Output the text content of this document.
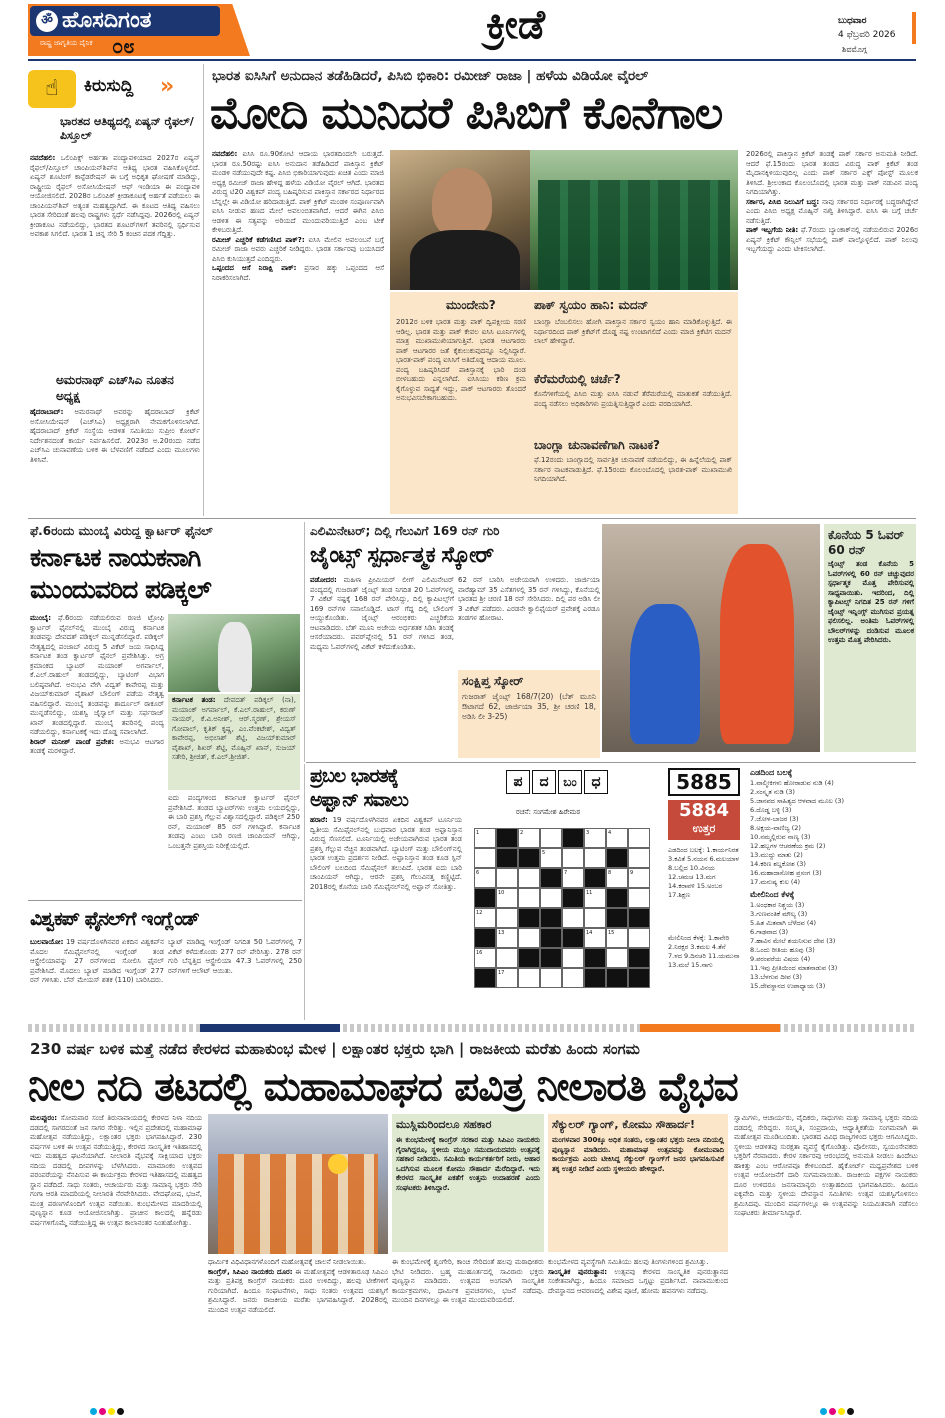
ॐ ಹೊಸದಿಗಂತ
ರಾಷ್ಟ್ರ ಜಾಗೃತಿಯ ದೈನಿಕ ೦೮	ಕ್ರೀಡೆ	ಬುಧವಾರ
4 ಫೆಬ್ರವರಿ 2026
ಶಿವಮೊಗ್ಗ
☝	ಕಿರುಸುದ್ದಿ »
ಭಾರತದ ಆತಿಥ್ಯದಲ್ಲಿ ಏಷ್ಯನ್ ರೈಫಲ್/ಪಿಸ್ತೂಲ್
ನವದೆಹಲಿ: ಒಲಿಂಪಿಕ್ಸ್ ಅರ್ಹತಾ ಪಂದ್ಯಾವಳಿಯಾದ 2027ರ ಏಷ್ಯನ್ ರೈಫಲ್/ಪಿಸ್ತೂಲ್ ಚಾಂಪಿಯನ್‌ಶಿಪ್‌ನ ಆತಿಥ್ಯ ಭಾರತ ವಹಿಸಿಕೊಳ್ಳಲಿದೆ. ಏಷ್ಯನ್ ಶೂಟಿಂಗ್ ಕಾನ್ಫೆಡರೇಷನ್ ಈ ಬಗ್ಗೆ ಅಧಿಕೃತ ಘೋಷಣೆ ಮಾಡಿದ್ದು, ರಾಷ್ಟ್ರೀಯ ರೈಫಲ್ ಅಸೋಸಿಯೇಷನ್ ಆಫ್ ಇಂಡಿಯಾ ಈ ಪಂದ್ಯಾವಳಿ ಆಯೋಜಿಸಲಿದೆ. 2028ರ ಒಲಿಂಪಿಕ್ ಕ್ರೀಡಾಕೂಟಕ್ಕೆ ಅರ್ಹತೆ ಪಡೆಯಲು ಈ ಚಾಂಪಿಯನ್‌ಶಿಪ್ ಅತ್ಯಂತ ಮಹತ್ವದ್ದಾಗಿದೆ. ಈ ಕೂಟದ ಆತಿಥ್ಯ ವಹಿಸಲು ಭಾರತ ಸೇರಿದಂತೆ ಹಲವು ರಾಷ್ಟ್ರಗಳು ಸ್ಪರ್ಧೆ ನಡೆಸಿದ್ದವು. 2026ರಲ್ಲಿ ಏಷ್ಯನ್ ಕ್ರೀಡಾಕೂಟ ನಡೆಯಲಿದ್ದು, ಭಾರತದ ಶೂಟರ್‌ಗಳಿಗೆ ತವರಿನಲ್ಲಿ ಸ್ಪರ್ಧಿಸುವ ಅವಕಾಶ ಸಿಗಲಿದೆ. ಭಾರತ 1 ಚಿನ್ನ ಸೇರಿ 5 ಕಂಚಿನ ಪದಕ ಗೆದ್ದಿತ್ತು.
ಅಮರನಾಥ್ ಎಚ್‌ಸಿಎ ನೂತನ ಅಧ್ಯಕ್ಷ
ಹೈದರಾಬಾದ್: ಅಮರನಾಥ್ ಅವರನ್ನು ಹೈದರಾಬಾದ್ ಕ್ರಿಕೆಟ್ ಅಸೋಸಿಯೇಷನ್ (ಎಚ್‌ಸಿಎ) ಅಧ್ಯಕ್ಷರಾಗಿ ನೇಮಕಗೊಳಿಸಲಾಗಿದೆ. ಹೈದರಾಬಾದ್ ಕ್ರಿಕೆಟ್ ಸಂಸ್ಥೆಯ ಆಡಳಿತ ಸಮಿತಿಯು ಸುಪ್ರೀಂ ಕೋರ್ಟ್ ನಿರ್ದೇಶನದಂತೆ ಕಾರ್ಯ ನಿರ್ವಹಿಸಲಿದೆ. 2023ರ ಅ.20ರಂದು ನಡೆದ ಎಚ್‌ಸಿಎ ಚುನಾವಣೆಯ ಬಳಿಕ ಈ ಬೆಳವಣಿಗೆ ನಡೆದಿದೆ ಎಂದು ಮೂಲಗಳು ತಿಳಿಸಿವೆ.
ಭಾರತ ಐಸಿಸಿಗೆ ಅನುದಾನ ತಡೆಹಿಡಿದರೆ, ಪಿಸಿಬಿ ಭಿಕಾರಿ: ರಮೀಜ್ ರಾಜಾ | ಹಳೆಯ ವಿಡಿಯೋ ವೈರಲ್
ಮೋದಿ ಮುನಿದರೆ ಪಿಸಿಬಿಗೆ ಕೊನೆಗಾಲ
ನವದೆಹಲಿ: ಐಸಿಸಿ ರೂ.90ಕೋಟಿ ಆದಾಯ ಭಾರತದಿಂದಲೇ ಬರುತ್ತದೆ. ಭಾರತ ರೂ.50ರಷ್ಟು ಐಸಿಸಿ ಅನುದಾನ ತಡೆಹಿಡಿದರೆ ಪಾಕಿಸ್ತಾನ ಕ್ರಿಕೆಟ್ ಮಂಡಳಿ ನಡೆಯುವುದೇ ಕಷ್ಟ. ಪಿಸಿಬಿ ಭಿಕಾರಿಯಾಗುವುದು ಖಚಿತ ಎಂದು ಮಾಜಿ ಅಧ್ಯಕ್ಷ ರಮೀಜ್ ರಾಜಾ ಹೇಳಿದ್ದ ಹಳೆಯ ವಿಡಿಯೋ ವೈರಲ್ ಆಗಿದೆ. ಭಾರತದ ವಿರುದ್ಧ ಟಿ20 ವಿಶ್ವಕಪ್ ಪಂದ್ಯ ಬಹಿಷ್ಕರಿಸುವ ಪಾಕಿಸ್ತಾನ ಸರ್ಕಾರದ ನಿರ್ಧಾರದ ಬೆನ್ನಲ್ಲೇ ಈ ವಿಡಿಯೋ ಹರಿದಾಡುತ್ತಿದೆ. ಪಾಕ್ ಕ್ರಿಕೆಟ್ ಮಂಡಳಿ ಸಂಪೂರ್ಣವಾಗಿ ಐಸಿಸಿ ನೀಡುವ ಹಣದ ಮೇಲೆ ಅವಲಂಬಿತವಾಗಿದೆ. ಆದರೆ ಈಗಿನ ಪಿಸಿಬಿ ಆಡಳಿತ ಈ ಸತ್ಯವನ್ನು ಅರಿಯದೆ ಮುಂದುವರಿಯುತ್ತಿದೆ ಎಂಬ ಟೀಕೆ ಕೇಳಿಬರುತ್ತಿದೆ.
ರಮೀಜ್ ಎಚ್ಚರಿಕೆ ಕಡೆಗಣಿಸಿದ ಪಾಕ್?: ಐಸಿಸಿ ಮೇಲಿನ ಅವಲಂಬನೆ ಬಗ್ಗೆ ರಮೀಜ್ ರಾಜಾ ಅವರು ಎಚ್ಚರಿಕೆ ನೀಡಿದ್ದರು. ಭಾರತ ಸರ್ಕಾರವು ಬಯಸಿದರೆ ಪಿಸಿಬಿ ಕುಸಿಯುತ್ತದೆ ಎಂದಿದ್ದರು.
ಒಪ್ಪಂದದ ಆಸೆ ನಿರಾಕ್ಷಿ ಪಾಕ್: ಪ್ರಸಾರ ಹಕ್ಕು ಒಪ್ಪಂದದ ಆಸೆ ನಿರಾಕರಿಸಲಾಗಿದೆ.
ಮುಂದೇನು?
2012ರ ಬಳಿಕ ಭಾರತ ಮತ್ತು ಪಾಕ್ ದ್ವಿಪಕ್ಷೀಯ ಸರಣಿ ಆಡಿಲ್ಲ. ಭಾರತ ಮತ್ತು ಪಾಕ್ ಕೇವಲ ಐಸಿಸಿ ಟೂರ್ನಿಗಳಲ್ಲಿ ಮಾತ್ರ ಮುಖಾಮುಖಿಯಾಗುತ್ತಿವೆ. ಭಾರತ ಆಟಗಾರರು ಪಾಕ್ ಆಟಗಾರರ ಜತೆ ಕೈಕುಲುಕುವುದನ್ನೂ ನಿಲ್ಲಿಸಿದ್ದಾರೆ. ಭಾರತ-ಪಾಕ್ ಪಂದ್ಯ ಐಸಿಸಿಗೆ ಅತಿದೊಡ್ಡ ಆದಾಯ ಮೂಲ. ಪಂದ್ಯ ಬಹಿಷ್ಕರಿಸಿದರೆ ಪಾಕಿಸ್ತಾನಕ್ಕೆ ಭಾರಿ ದಂಡ ಬೀಳಬಹುದು ಎನ್ನಲಾಗಿದೆ. ಐಸಿಸಿಯು ಕಠಿಣ ಕ್ರಮ ಕೈಗೊಳ್ಳುವ ಸಾಧ್ಯತೆ ಇದ್ದು, ಪಾಕ್ ಆಟಗಾರರು ತೊಂದರೆ ಅನುಭವಿಸಬೇಕಾಗಬಹುದು.
ಪಾಕ್ ಸ್ವಯಂ ಹಾನಿ: ಮದನ್
ಬಾಂಗ್ಲಾ ಬೆಂಬಲಿಸಲು ಹೋಗಿ ಪಾಕಿಸ್ತಾನ ಸರ್ಕಾರ ಸ್ವಯಂ ಹಾನಿ ಮಾಡಿಕೊಳ್ಳುತ್ತಿದೆ. ಈ ನಿರ್ಧಾರದಿಂದ ಪಾಕ್ ಕ್ರಿಕೆಟ್‌ಗೆ ದೊಡ್ಡ ನಷ್ಟ ಉಂಟಾಗಲಿದೆ ಎಂದು ಮಾಜಿ ಕ್ರಿಕೆಟಿಗ ಮದನ್ ಲಾಲ್ ಹೇಳಿದ್ದಾರೆ.
ಕೆರೆಮರೆಯಲ್ಲಿ ಚರ್ಚೆ?
ಕೊನೆಗಳಿಗೆಯಲ್ಲಿ ಪಿಸಿಬಿ ಮತ್ತು ಐಸಿಸಿ ನಡುವೆ ತೆರೆಮರೆಯಲ್ಲಿ ಮಾತುಕತೆ ನಡೆಯುತ್ತಿದೆ. ಪಂದ್ಯ ನಡೆಸಲು ಅಧಿಕಾರಿಗಳು ಪ್ರಯತ್ನಿಸುತ್ತಿದ್ದಾರೆ ಎಂದು ವರದಿಯಾಗಿದೆ.
ಬಾಂಗ್ಲಾ ಚುನಾವಣೆಗಾಗಿ ನಾಟಕ?
ಫೆ.12ರಂದು ಬಾಂಗ್ಲಾದಲ್ಲಿ ಸಾರ್ವತ್ರಿಕ ಚುನಾವಣೆ ನಡೆಯಲಿದ್ದು, ಈ ಹಿನ್ನೆಲೆಯಲ್ಲಿ ಪಾಕ್ ಸರ್ಕಾರ ನಾಟಕವಾಡುತ್ತಿದೆ. ಫೆ.15ರಂದು ಕೊಲಂಬೊದಲ್ಲಿ ಭಾರತ-ಪಾಕ್ ಮುಖಾಮುಖಿ ನಿಗದಿಯಾಗಿದೆ.
2026ರಲ್ಲಿ ಪಾಕಿಸ್ತಾನ ಕ್ರಿಕೆಟ್ ತಂಡಕ್ಕೆ ಪಾಕ್ ಸರ್ಕಾರ ಅನುಮತಿ ನೀಡಿದೆ. ಆದರೆ ಫೆ.15ರಂದು ಭಾರತ ತಂಡದ ವಿರುದ್ಧ ಪಾಕ್ ಕ್ರಿಕೆಟ್ ತಂಡ ಮೈದಾನಕ್ಕಿಳಿಯುವುದಿಲ್ಲ ಎಂದು ಪಾಕ್ ಸರ್ಕಾರ ಎಕ್ಸ್ ಪೋಸ್ಟ್ ಮೂಲಕ ತಿಳಿಸಿದೆ. ಶ್ರೀಲಂಕಾದ ಕೊಲಂಬೊದಲ್ಲಿ ಭಾರತ ಮತ್ತು ಪಾಕ್ ನಡುವಿನ ಪಂದ್ಯ ನಿಗದಿಯಾಗಿತ್ತು.
ಸರ್ಕಾರ, ಪಿಸಿಬಿ ನಿಲುವಿಗೆ ಬದ್ಧ: ನಾವು ಸರ್ಕಾರದ ನಿರ್ಧಾರಕ್ಕೆ ಬದ್ಧರಾಗಿದ್ದೇವೆ ಎಂದು ಪಿಸಿಬಿ ಅಧ್ಯಕ್ಷ ಮೊಹ್ಸಿನ್ ನಖ್ವಿ ತಿಳಿಸಿದ್ದಾರೆ. ಐಸಿಸಿ ಈ ಬಗ್ಗೆ ಚರ್ಚೆ ನಡೆಸುತ್ತಿದೆ.
ಪಾಕ್ ಇಬ್ಬಗೆಯ ನೀತಿ: ಫೆ.7ರಂದು ಬ್ಯಾಂಕಾಕ್‌ನಲ್ಲಿ ನಡೆಯಲಿರುವ 2026ರ ಏಷ್ಯನ್ ಕ್ರಿಕೆಟ್ ಕೌನ್ಸಿಲ್ ಸಭೆಯಲ್ಲಿ ಪಾಕ್ ಪಾಲ್ಗೊಳ್ಳಲಿದೆ. ಪಾಕ್ ನಿಲುವು ಇಬ್ಬಗೆಯದ್ದು ಎಂದು ಟೀಕಿಸಲಾಗಿದೆ.
ಫೆ.6ರಂದು ಮುಂಬೈ ವಿರುದ್ಧ ಕ್ವಾರ್ಟರ್ ಫೈನಲ್
ಕರ್ನಾಟಕ ನಾಯಕನಾಗಿ
ಮುಂದುವರಿದ ಪಡಿಕ್ಕಲ್
ಮುಂಬೈ: ಫೆ.6ರಂದು ನಡೆಯಲಿರುವ ರಣಜಿ ಟ್ರೋಫಿ ಕ್ವಾರ್ಟರ್ ಫೈನಲ್‌ನಲ್ಲಿ ಮುಂಬೈ ವಿರುದ್ಧ ಕರ್ನಾಟಕ ತಂಡವನ್ನು ದೇವದತ್ ಪಡಿಕ್ಕಲ್ ಮುನ್ನಡೆಸಲಿದ್ದಾರೆ. ಪಡಿಕ್ಕಲ್ ನೇತೃತ್ವದಲ್ಲಿ ಪಂಜಾಬ್ ವಿರುದ್ಧ 5 ವಿಕೆಟ್ ಜಯ ಸಾಧಿಸಿದ್ದ ಕರ್ನಾಟಕ ತಂಡ ಕ್ವಾರ್ಟರ್ ಫೈನಲ್ ಪ್ರವೇಶಿಸಿತ್ತು. ಅಗ್ರ ಕ್ರಮಾಂಕದ ಬ್ಯಾಟರ್ ಮಯಾಂಕ್ ಅಗರ್ವಾಲ್, ಕೆ.ಎಲ್.ರಾಹುಲ್ ತಂಡದಲ್ಲಿದ್ದು, ಬ್ಯಾಟಿಂಗ್ ವಿಭಾಗ ಬಲಿಷ್ಠವಾಗಿದೆ. ಅನುಭವಿ ವೇಗಿ ವಿದ್ವತ್ ಕಾವೇರಪ್ಪ ಮತ್ತು ವಿಜಯ್‌ಕುಮಾರ್ ವೈಶಾಖ್ ಬೌಲಿಂಗ್ ಪಡೆಯ ನೇತೃತ್ವ ವಹಿಸಲಿದ್ದಾರೆ. ಮುಂಬೈ ತಂಡವನ್ನು ಶಾರ್ದೂಲ್ ಠಾಕೂರ್ ಮುನ್ನಡೆಸಲಿದ್ದು, ಯಶಸ್ವಿ ಜೈಸ್ವಾಲ್ ಮತ್ತು ಸರ್ಫರಾಜ್ ಖಾನ್ ತಂಡದಲ್ಲಿದ್ದಾರೆ. ಮುಂಬೈ ತವರಿನಲ್ಲಿ ಪಂದ್ಯ ನಡೆಯಲಿದ್ದು, ಕರ್ನಾಟಕಕ್ಕೆ ಇದು ದೊಡ್ಡ ಸವಾಲಾಗಿದೆ.
ಶಿರಾರ್ ಮನೀಶ್ ಪಾಂಡೆ ಪ್ರವೇಶ: ಅನುಭವಿ ಆಟಗಾರ ತಂಡಕ್ಕೆ ಮರಳಿದ್ದಾರೆ.
ಕರ್ನಾಟಕ ತಂಡ: ದೇವದತ್ ಪಡಿಕ್ಕಲ್ (ನಾ), ಮಯಾಂಕ್ ಅಗರ್ವಾಲ್, ಕೆ.ಎಲ್.ರಾಹುಲ್, ಕರುಣ್ ನಾಯರ್, ಕೆ.ವಿ.ಅನೀಶ್, ಆರ್.ಸ್ಮರಣ್, ಶ್ರೇಯಸ್ ಗೋಪಾಲ್, ಕೃತಿಕ್ ಕೃಷ್ಣ, ಎಂ.ವೆಂಕಟೇಶ್, ವಿದ್ವತ್ ಕಾವೇರಪ್ಪ, ಅಭಿಲಾಶ್ ಶೆಟ್ಟಿ, ವಿಜಯ್‌ಕುಮಾರ್ ವೈಶಾಖ್, ಶಿಖರ್ ಶೆಟ್ಟಿ, ಮೊಹ್ಸಿನ್ ಖಾನ್, ಸುಜಯ್ ಸತೇರಿ, ಶ್ರೀಜಿತ್, ಕೆ.ಎಲ್.ಶ್ರೀಜಿತ್.
ಐದು ಪಂದ್ಯಗಳಿಂದ ಕರ್ನಾಟಕ ಕ್ವಾರ್ಟರ್ ಫೈನಲ್ ಪ್ರವೇಶಿಸಿದೆ. ತಂಡದ ಬ್ಯಾಟರ್‌ಗಳು ಉತ್ತಮ ಲಯದಲ್ಲಿದ್ದು, ಈ ಬಾರಿ ಪ್ರಶಸ್ತಿ ಗೆಲ್ಲುವ ವಿಶ್ವಾಸದಲ್ಲಿದ್ದಾರೆ. ಪಡಿಕ್ಕಲ್ 250 ರನ್, ಮಯಾಂಕ್ 85 ರನ್ ಗಳಿಸಿದ್ದಾರೆ. ಕರ್ನಾಟಕ ತಂಡವು ಎಂಟು ಬಾರಿ ರಣಜಿ ಚಾಂಪಿಯನ್ ಆಗಿದ್ದು, ಒಂಬತ್ತನೇ ಪ್ರಶಸ್ತಿಯ ನಿರೀಕ್ಷೆಯಲ್ಲಿದೆ.
ಎಲಿಮಿನೇಟರ್; ದಿಲ್ಲಿ ಗೆಲುವಿಗೆ 169 ರನ್ ಗುರಿ
ಜೈಂಟ್ಸ್ ಸ್ಪರ್ಧಾತ್ಮಕ ಸ್ಕೋರ್
ವಡೋದರ: ಮಹಿಳಾ ಪ್ರೀಮಿಯರ್ ಲೀಗ್ ಎಲಿಮಿನೇಟರ್ ಪಂದ್ಯದಲ್ಲಿ ಗುಜರಾತ್ ಜೈಂಟ್ಸ್ ತಂಡ ನಿಗದಿತ 20 ಓವರ್‌ಗಳಲ್ಲಿ 7 ವಿಕೆಟ್ ನಷ್ಟಕ್ಕೆ 168 ರನ್ ಪೇರಿಸಿದ್ದು, ದಿಲ್ಲಿ ಕ್ಯಾಪಿಟಲ್ಸ್‌ಗೆ 169 ರನ್‌ಗಳ ಸವಾಲೊಡ್ಡಿದೆ. ಟಾಸ್ ಗೆದ್ದ ದಿಲ್ಲಿ ಬೌಲಿಂಗ್ ಆಯ್ದುಕೊಂಡಿತು. ಜೈಂಟ್ಸ್ ಆರಂಭಿಕರು ಎಚ್ಚರಿಕೆಯ ಆಟವಾಡಿದರು. ಬೆತ್ ಮೂನಿ ಅಜೇಯ ಅರ್ಧಶತಕ ಸಿಡಿಸಿ ತಂಡಕ್ಕೆ ಆಸರೆಯಾದರು. ಪವರ್‌ಪ್ಲೇನಲ್ಲಿ 51 ರನ್ ಗಳಿಸಿದ ತಂಡ, ಮಧ್ಯಮ ಓವರ್‌ಗಳಲ್ಲಿ ವಿಕೆಟ್ ಕಳೆದುಕೊಂಡಿತು.
62 ರನ್ ಬಾರಿಸಿ ಅಜೇಯರಾಗಿ ಉಳಿದರು. ಜಾರ್ಜಿಯಾ ವಾರೆಹ್ಯಾಮ್ 35 ಎಸೆತಗಳಲ್ಲಿ 35 ರನ್ ಗಳಿಸಿದ್ದು, ಕೊನೆಯಲ್ಲಿ ಭಾರತದ ಶ್ರೀ ಚರಣಿ 18 ರನ್ ಸೇರಿಸಿದರು. ದಿಲ್ಲಿ ಪರ ಅಡಿಸಿ ಲೀ 3 ವಿಕೆಟ್ ಪಡೆದರು. ಎರಡನೇ ಕ್ವಾಲಿಫೈಯರ್ ಪ್ರವೇಶಕ್ಕೆ ಎರಡೂ ತಂಡಗಳ ಹೋರಾಟ.
ಸಂಕ್ಷಿಪ್ತ ಸ್ಕೋರ್
ಗುಜರಾತ್ ಜೈಂಟ್ಸ್ 168/7(20) (ಬೆತ್ ಮೂನಿ ಔಟಾಗದೆ 62, ಜಾರ್ಜಿಯಾ 35, ಶ್ರೀ ಚರಣಿ 18, ಅಡಿಸಿ ಲೀ 3-25)
ಕೊನೆಯ 5 ಓವರ್ 60 ರನ್
ಜೈಂಟ್ಸ್ ತಂಡ ಕೊನೆಯ 5 ಓವರ್‌ಗಳಲ್ಲಿ 60 ರನ್ ಚಚ್ಚುವುದರ ಸ್ಪರ್ಧಾತ್ಮಕ ಮೊತ್ತ ಪೇರಿಸುವಲ್ಲಿ ಸಾಧ್ಯವಾಯಿತು. ಇದರಿಂದ, ದಿಲ್ಲಿ ಕ್ಯಾಪಿಟಲ್ಸ್ ನಿಗದಿತ 25 ರನ್ ಗಳಿಗೆ ಜೈಂಟ್ಸ್ ಇನ್ನಿಂಗ್ಸ್ ಮುಗಿಸುವ ಪ್ರಯತ್ನ ಫಲಿಸಲಿಲ್ಲ. ಅಂತಿಮ ಓವರ್‌ಗಳಲ್ಲಿ ಬೌಲರ್‌ಗಳನ್ನು ದಂಡಿಸುವ ಮೂಲಕ ಉತ್ತಮ ಮೊತ್ತ ಪೇರಿಸಿದರು.
ಪ್ರಬಲ ಭಾರತಕ್ಕೆ
ಅಫ್ಘಾನ್ ಸವಾಲು
ಹರಾರೆ: 19 ವರ್ಷದೊಳಗಿನವರ ಏಕದಿನ ವಿಶ್ವಕಪ್ ಟೂರ್ನಿಯ ದ್ವಿತೀಯ ಸೆಮಿಫೈನಲ್‌ನಲ್ಲಿ ಬುಧವಾರ ಭಾರತ ತಂಡ ಅಫ್ಘಾನಿಸ್ತಾನ ವಿರುದ್ಧ ಸೆಣಸಲಿದೆ. ಟೂರ್ನಿಯಲ್ಲಿ ಅಜೇಯವಾಗಿರುವ ಭಾರತ ತಂಡ ಪ್ರಶಸ್ತಿ ಗೆಲ್ಲುವ ನೆಚ್ಚಿನ ತಂಡವಾಗಿದೆ. ಬ್ಯಾಟಿಂಗ್ ಮತ್ತು ಬೌಲಿಂಗ್‌ನಲ್ಲಿ ಭಾರತ ಉತ್ತಮ ಪ್ರದರ್ಶನ ನೀಡಿದೆ. ಅಫ್ಘಾನಿಸ್ತಾನ ತಂಡ ಕೂಡ ಸ್ಪಿನ್ ಬೌಲಿಂಗ್ ಬಲದಿಂದ ಸೆಮಿಫೈನಲ್ ತಲುಪಿದೆ. ಭಾರತ ಐದು ಬಾರಿ ಚಾಂಪಿಯನ್ ಆಗಿದ್ದು, ಆರನೇ ಪ್ರಶಸ್ತಿ ಗೆಲುವಿನತ್ತ ಕಣ್ಣಿಟ್ಟಿದೆ. 2018ರಲ್ಲಿ ಕೊನೆಯ ಬಾರಿ ಸೆಮಿಫೈನಲ್‌ನಲ್ಲಿ ಅಫ್ಘಾನ್ ಸೋತಿತ್ತು.
ವಿಶ್ವಕಪ್ ಫೈನಲ್‌ಗೆ ಇಂಗ್ಲೆಂಡ್
ಬುಲವಾಯೋ: 19 ವರ್ಷದೊಳಗಿನವರ ಏಕದಿನ ವಿಶ್ವಕಪ್‌ನ ಮೊದಲ ಸೆಮಿಫೈನಲ್‌ನಲ್ಲಿ ಇಂಗ್ಲೆಂಡ್ ತಂಡ ಆಸ್ಟ್ರೇಲಿಯಾವನ್ನು 27 ರನ್‌ಗಳಿಂದ ಸೋಲಿಸಿ ಫೈನಲ್ ಪ್ರವೇಶಿಸಿದೆ. ಮೊದಲು ಬ್ಯಾಟ್ ಮಾಡಿದ ಇಂಗ್ಲೆಂಡ್ 277 ರನ್ ಗಳಿಸಿತು. ಬೆನ್ ಮೇಯಸ್ ಶತಕ (110) ಬಾರಿಸಿದರು.
ಬ್ಯಾಟ್ ಮಾಡಿದ್ದ ಇಂಗ್ಲೆಂಡ್ ನಿಗದಿತ 50 ಓವರ್‌ಗಳಲ್ಲಿ 7 ವಿಕೆಟ್ ಕಳೆದುಕೊಂಡು 277 ರನ್ ಪೇರಿಸಿತ್ತು. 278 ರನ್ ಗುರಿ ಬೆನ್ನತ್ತಿದ ಆಸ್ಟ್ರೇಲಿಯಾ 47.3 ಓವರ್‌ಗಳಲ್ಲಿ 250 ರನ್‌ಗಳಿಗೆ ಆಲೌಟ್ ಆಯಿತು.
ಪ	ದ	ಬಂ	ಧ
ರಚನೆ: ಸಂಗಮೇಶ ಹಿರೇಮಠ
1	2	3	4
5
6	7	8	9
10	11
12
13	14	15
16
17
5885
5884
ಉತ್ತರ
ಎಡದಿಂದ ಬಲಕ್ಕೆ: 1.ಕಾರ್ಯನಿರತ 3.ಕವಿತೆ 5.ನಯನ 6.ಮಲಯಾಳ 8.ಬಲ್ಲಿದ 10.ವಿನಯ 12.ಚಮಚ 13.ಮಗ 14.ಕರಾವಳಿ 15.ಅಂಬರ 17.ಶಿಕ್ಷಣ
ಮೇಲಿನಿಂದ ಕೆಳಕ್ಕೆ: 1.ಕಾವೇರಿ 2.ನಿರಕ್ಷರ 3.ಕಮಲ 4.ತೆನೆ 7.ಳದ 9.ದಿನಚರಿ 11.ಯಮುನಾ 13.ಮಲೆ 15.ಸಾಗು
ಎಡದಿಂದ ಬಲಕ್ಕೆ
1.ವಾಲ್ಮೀಕಿಗಳು ಹೋರಾಡುವ ನುಡಿ (4)
2.ಸಂಸ್ಕೃತ ನುಡಿ (3)
5.ಜಾನಪದ ಸಾಹಿತ್ಯದ ಆಳವಾದ ಮೂಲ (3)
6.ದೊಡ್ಡ ಬಳ್ಳಿ (3)
7.ಜೋಳ-ಬಾಜರ (3)
8.ಅಕ್ಷಯ-ವಾಣಿಜ್ಯ (2)
10.ನಮ್ಮಲ್ಲಿರುವ ನಾಣ್ಯ (3)
12.ಹಬ್ಬಗಳ ಆಚರಣೆಯ ಕ್ರಮ (2)
13.ಮುದ್ದು ಮಾತು (2)
14.ಕಠಿಣ ಶಬ್ದಕೋಶ (3)
16.ಮಹಾದಾಸೋಹ ಪ್ರಸಂಗ (3)
17.ಮನುಷ್ಯ ಕುಲ (4)
ಮೇಲಿನಿಂದ ಕೆಳಕ್ಕೆ
1.ಅಂಧಕಾರ ನಿಶ್ಚಯ (3)
3.ಗುಣವಂತಿಕೆ ಮೌಲ್ಯ (3)
5.ಹಿತ ಮಿತವಾಗಿ ಬೆಳೆದವ (4)
6.ಗಾಢವಾದ (3)
7.ಹಾವಿನ ಮೇಲೆ ಶಯನಿಸುವ ದೇವ (3)
8.ಒಂದು ರೀತಿಯ ಹೂವು (3)
9.ಪರಂಪರೆಯ ವಿಷಯ (4)
11.ಇವು ಪ್ರೀತಿಯಿಂದ ಮಾತನಾಡುವ (3)
13.ಬೆಳಗುವ ದೀಪ (3)
15.ದೇವಸ್ಥಾನದ ಉಪಾಧ್ಯಾಯ (3)
230 ವರ್ಷ ಬಳಿಕ ಮತ್ತೆ ನಡೆದ ಕೇರಳದ ಮಹಾಕುಂಭ ಮೇಳ | ಲಕ್ಷಾಂತರ ಭಕ್ತರು ಭಾಗಿ | ರಾಜಕೀಯ ಮರೆತು ಹಿಂದು ಸಂಗಮ
ನೀಲ ನದಿ ತಟದಲ್ಲಿ ಮಹಾಮಾಘದ ಪವಿತ್ರ ನೀಲಾರತಿ ವೈಭವ
ಮಲಪ್ಪುರಂ: ಸೋಮವಾರ ಸಂಜೆ ತಿರುನಾವಾಯದಲ್ಲಿ ಕೇರಳದ ನಿಳಾ ನದಿಯ ದಡದಲ್ಲಿ ಸಾಗರದಂತೆ ಜನ ಸಾಗರ ಸೇರಿತ್ತು. ಇಲ್ಲಿನ ಪ್ರದೇಶದಲ್ಲಿ ಮಹಾಮಾಘ ಮಹೋತ್ಸವ ನಡೆಯುತ್ತಿದ್ದು, ಲಕ್ಷಾಂತರ ಭಕ್ತರು ಭಾಗವಹಿಸಿದ್ದಾರೆ. 230 ವರ್ಷಗಳ ಬಳಿಕ ಈ ಉತ್ಸವ ನಡೆಯುತ್ತಿದ್ದು, ಕೇರಳದ ಸಾಂಸ್ಕೃತಿಕ ಇತಿಹಾಸದಲ್ಲಿ ಇದು ಮಹತ್ವದ ಘಟನೆಯಾಗಿದೆ. ನೀಲಾರತಿ ವೈಭವಕ್ಕೆ ಸಾಕ್ಷಿಯಾದ ಭಕ್ತರು ನದಿಯ ದಡದಲ್ಲಿ ದೀಪಗಳನ್ನು ಬೆಳಗಿಸಿದರು. ಮಾಮಾಂಕಂ ಉತ್ಸವದ ಪರಂಪರೆಯನ್ನು ನೆನಪಿಸುವ ಈ ಕಾರ್ಯಕ್ರಮ ಕೇರಳದ ಇತಿಹಾಸದಲ್ಲಿ ಮಹತ್ವದ ಸ್ಥಾನ ಪಡೆದಿದೆ. ಸಾಧು ಸಂತರು, ಆಚಾರ್ಯರು ಮತ್ತು ಸಾಮಾನ್ಯ ಭಕ್ತರು ಸೇರಿ ಗಂಗಾ ಆರತಿ ಮಾದರಿಯಲ್ಲಿ ನೀಲಾರತಿ ನೆರವೇರಿಸಿದರು. ವೇದಘೋಷ, ಭಜನೆ, ಮಂತ್ರ ಪಠಣಗಳೊಂದಿಗೆ ಉತ್ಸವ ನಡೆಯಿತು. ಕುಂಭಮೇಳದ ಮಾದರಿಯಲ್ಲಿ ಪುಣ್ಯಸ್ನಾನ ಕೂಡ ಆಯೋಜಿಸಲಾಗಿತ್ತು. ಪ್ರಾಚೀನ ಕಾಲದಲ್ಲಿ ಹನ್ನೆರಡು ವರ್ಷಗಳಿಗೊಮ್ಮೆ ನಡೆಯುತ್ತಿದ್ದ ಈ ಉತ್ಸವ ಕಾಲಾನಂತರ ನಿಂತುಹೋಗಿತ್ತು.
ಧಾರ್ಮಿಕ ವಿಧಿವಿಧಾನಗಳೊಂದಿಗೆ ಮಹೋತ್ಸವಕ್ಕೆ ಚಾಲನೆ ನೀಡಲಾಯಿತು.
ಕಾಂಗ್ರೆಸ್, ಸಿಪಿಎಂ ನಾಯಕರು ದೂರ: ಈ ಮಹೋತ್ಸವಕ್ಕೆ ಆಡಳಿತಾರೂಢ ಸಿಪಿಎಂ ಮತ್ತು ಪ್ರತಿಪಕ್ಷ ಕಾಂಗ್ರೆಸ್ ನಾಯಕರು ದೂರ ಉಳಿದಿದ್ದು, ಹಲವು ಟೀಕೆಗಳಿಗೆ ಗುರಿಯಾಗಿದೆ. ಹಿಂದೂ ಸಂಘಟನೆಗಳು, ಸಾಧು ಸಂತರು ಉತ್ಸವದ ಯಶಸ್ಸಿಗೆ ಶ್ರಮಿಸಿದ್ದಾರೆ. ಜನರು ರಾಜಕೀಯ ಮರೆತು ಭಾಗವಹಿಸಿದ್ದಾರೆ. 2028ರಲ್ಲಿ ಮುಂದಿನ ಉತ್ಸವ ನಡೆಯಲಿದೆ.
ಮುಸ್ಲಿಮರಿಂದಲೂ ಸಹಕಾರ
ಈ ಕುಂಭಮೇಳಕ್ಕೆ ಕಾಂಗ್ರೆಸ್ ಸರಕಾರ ಮತ್ತು ಸಿಪಿಎಂ ನಾಯಕರು ಗೈರಾಗಿದ್ದರೂ, ಸ್ಥಳೀಯ ಮುಸ್ಲಿಂ ಸಮುದಾಯದವರು ಉತ್ಸವಕ್ಕೆ ಸಹಕಾರ ನೀಡಿದರು. ಸಮಿತಿಯ ಕಾರ್ಯಕರ್ತರಿಗೆ ನೀರು, ಆಹಾರ ಒದಗಿಸುವ ಮೂಲಕ ಕೋಮು ಸೌಹಾರ್ದ ಮೆರೆದಿದ್ದಾರೆ. ಇದು ಕೇರಳದ ಸಾಂಸ್ಕೃತಿಕ ಏಕತೆಗೆ ಉತ್ತಮ ಉದಾಹರಣೆ ಎಂದು ಸಂಘಟಕರು ತಿಳಿಸಿದ್ದಾರೆ.
ಸೆಕ್ಯುಲರ್ ಗ್ಯಾಂಗ್, ಕೋಮು ಸೌಹಾರ್ದ!
ಮಂಗಳವಾರ 300ಕ್ಕೂ ಅಧಿಕ ಸಂತರು, ಲಕ್ಷಾಂತರ ಭಕ್ತರು ನೀಲಾ ನದಿಯಲ್ಲಿ ಪುಣ್ಯಸ್ನಾನ ಮಾಡಿದರು. ಮಹಾಮಾಘ ಉತ್ಸವವನ್ನು ಕೋಮುವಾದಿ ಕಾರ್ಯಕ್ರಮ ಎಂದು ಟೀಕಿಸಿದ್ದ ಸೆಕ್ಯುಲರ್ ಗ್ಯಾಂಗ್‌ಗೆ ಜನರ ಭಾಗವಹಿಸುವಿಕೆ ತಕ್ಕ ಉತ್ತರ ನೀಡಿದೆ ಎಂದು ಸ್ಥಳೀಯರು ಹೇಳಿದ್ದಾರೆ.
ಈ ಕುಂಭಮೇಳಕ್ಕೆ ಶೃಂಗೇರಿ, ಕಾಂಚಿ ಸೇರಿದಂತೆ ಹಲವು ಮಠಾಧೀಶರು ಭೇಟಿ ನೀಡಿದರು. ಬ್ರಹ್ಮ ಮುಹೂರ್ತದಲ್ಲಿ ಸಾವಿರಾರು ಭಕ್ತರು ಪುಣ್ಯಸ್ನಾನ ಮಾಡಿದರು. ಉತ್ಸವದ ಅಂಗವಾಗಿ ಸಾಂಸ್ಕೃತಿಕ ಕಾರ್ಯಕ್ರಮಗಳು, ಧಾರ್ಮಿಕ ಪ್ರವಚನಗಳು, ಭಜನೆ ನಡೆದವು. ಮುಂದಿನ ದಿನಗಳಲ್ಲೂ ಈ ಉತ್ಸವ ಮುಂದುವರಿಯಲಿದೆ.
ಕುಂಭಮೇಳದ ವ್ಯವಸ್ಥೆಗಾಗಿ ಸಮಿತಿಯು ಹಲವು ತಿಂಗಳುಗಳಿಂದ ಶ್ರಮಿಸಿತ್ತು.
ಸಾಂಸ್ಕೃತಿಕ ಪುನರುತ್ಥಾನ: ಉತ್ಸವವು ಕೇರಳದ ಸಾಂಸ್ಕೃತಿಕ ಪುನರುತ್ಥಾನದ ಸಂಕೇತವಾಗಿದ್ದು, ಹಿಂದೂ ಸಮಾಜದ ಒಗ್ಗಟ್ಟು ಪ್ರದರ್ಶಿಸಿದೆ. ನಾವಾಮುಕುಂದ ದೇವಸ್ಥಾನದ ಆವರಣದಲ್ಲಿ ವಿಶೇಷ ಪೂಜೆ, ಹೋಮ ಹವನಗಳು ನಡೆದವು.
ಸ್ವಾಮಿಗಳು, ಆಚಾರ್ಯರು, ವೈದಿಕರು, ಸಾಧುಗಳು ಮತ್ತು ಸಾಮಾನ್ಯ ಭಕ್ತರು ನದಿಯ ದಡದಲ್ಲಿ ಸೇರಿದ್ದರು. ಸಂಸ್ಕೃತಿ, ಸಂಪ್ರದಾಯ, ಆಧ್ಯಾತ್ಮಿಕತೆಯ ಸಂಗಮವಾಗಿ ಈ ಮಹೋತ್ಸವ ಮೂಡಿಬಂದಿತು. ಭಾರತದ ವಿವಿಧ ರಾಜ್ಯಗಳಿಂದ ಭಕ್ತರು ಆಗಮಿಸಿದ್ದರು. ಸ್ಥಳೀಯ ಆಡಳಿತವು ಸುರಕ್ಷತಾ ವ್ಯವಸ್ಥೆ ಕೈಗೊಂಡಿತ್ತು. ಪೊಲೀಸರು, ಸ್ವಯಂಸೇವಕರು ಭಕ್ತರಿಗೆ ನೆರವಾದರು. ಕೇರಳ ಸರ್ಕಾರವು ಆರಂಭದಲ್ಲಿ ಅನುಮತಿ ನೀಡಲು ಹಿಂದೇಟು ಹಾಕಿತ್ತು ಎಂಬ ಆರೋಪವೂ ಕೇಳಿಬಂದಿದೆ. ಹೈಕೋರ್ಟ್ ಮಧ್ಯಪ್ರವೇಶದ ಬಳಿಕ ಉತ್ಸವ ಆಯೋಜನೆಗೆ ದಾರಿ ಸುಗಮವಾಯಿತು. ರಾಜಕೀಯ ಪಕ್ಷಗಳ ನಾಯಕರು ದೂರ ಉಳಿದರೂ ಜನಸಾಮಾನ್ಯರು ಉತ್ಸಾಹದಿಂದ ಭಾಗವಹಿಸಿದರು. ಹಿಂದೂ ಐಕ್ಯವೇದಿ ಮತ್ತು ಸ್ಥಳೀಯ ದೇವಸ್ಥಾನ ಸಮಿತಿಗಳು ಉತ್ಸವ ಯಶಸ್ವಿಗೊಳಿಸಲು ಶ್ರಮಿಸಿದವು. ಮುಂದಿನ ವರ್ಷಗಳಲ್ಲೂ ಈ ಉತ್ಸವವನ್ನು ನಿಯಮಿತವಾಗಿ ನಡೆಸಲು ಸಂಘಟಕರು ತೀರ್ಮಾನಿಸಿದ್ದಾರೆ.
